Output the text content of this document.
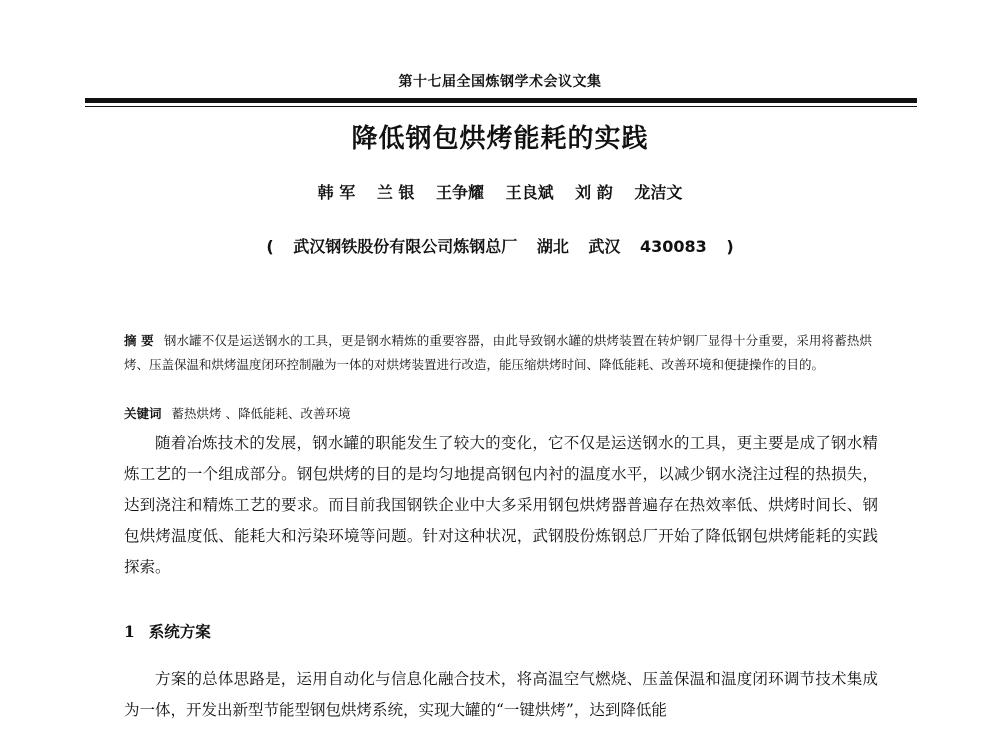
第十七届全国炼钢学术会议文集
降低钢包烘烤能耗的实践
韩 军 兰 银 王争耀 王良斌 刘 韵 龙洁文
( 武汉钢铁股份有限公司炼钢总厂 湖北 武汉 430083 )
摘 要 钢水罐不仅是运送钢水的工具，更是钢水精炼的重要容器，由此导致钢水罐的烘烤装置在转炉钢厂显得十分重要，采用将蓄热烘烤、压盖保温和烘烤温度闭环控制融为一体的对烘烤装置进行改造，能压缩烘烤时间、降低能耗、改善环境和便捷操作的目的。
关键词 蓄热烘烤 、降低能耗、改善环境
随着冶炼技术的发展，钢水罐的职能发生了较大的变化，它不仅是运送钢水的工具，更主要是成了钢水精炼工艺的一个组成部分。钢包烘烤的目的是均匀地提高钢包内衬的温度水平，以减少钢水浇注过程的热损失，达到浇注和精炼工艺的要求。而目前我国钢铁企业中大多采用钢包烘烤器普遍存在热效率低、烘烤时间长、钢包烘烤温度低、能耗大和污染环境等问题。针对这种状况，武钢股份炼钢总厂开始了降低钢包烘烤能耗的实践探索。
1 系统方案
方案的总体思路是，运用自动化与信息化融合技术，将高温空气燃烧、压盖保温和温度闭环调节技术集成为一体，开发出新型节能型钢包烘烤系统，实现大罐的“一键烘烤”，达到降低能
